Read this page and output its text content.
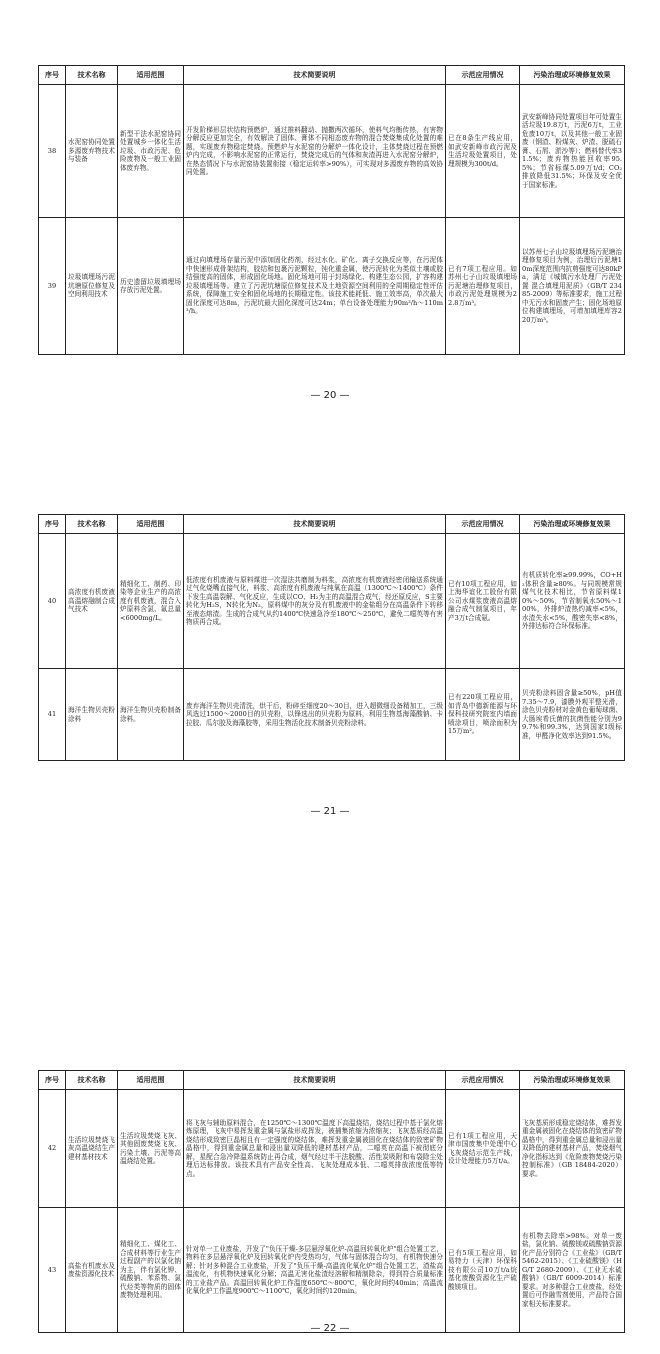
序号	技术名称	适用范围	技术简要说明	示范应用情况	污染治理或环境修复效果
38	水泥窑协同处置多源废弃物技术与装备	新型干法水泥窑协同处置城乡一体化生活垃圾、市政污泥、危险废物及一般工业固体废弃物。	开发阶梯形层状结构预燃炉，通过推料翻动、抛撒两次循环，使料气均衡传热，有害物分解反应更加完全，有效解决了固体、膏体不同相态废弃物的混合焚烧集成化处置的难题，实现废弃物稳定焚烧。预燃炉与水泥窑的分解炉一体化设计，主体焚烧过程在预燃炉内完成，不影响水泥窑的正常运行，焚烧完成后的气体和灰渣再进入水泥窑分解炉，在热态情况下与水泥窑协装置衔接（稳定运转率>90%），可实现对多源废弃物的高效协同处置。	已在8条生产线应用，如武安新峰市政污泥及生活垃圾处置项目，处理规模为300t/d。	武安新峰协同处置项目年可处置生活垃圾19.8万t，污泥6万t，工业危废10万t，以及其他一般工业固废（钢渣、粉煤灰、炉渣、脱硫石膏、石屑、淤沙等）；燃料替代率31.5%；废弃物热能回收率95.5%；节省标煤5.09万t/d；CO₂排放降低31.5%；环保及安全优于国家标准。
39	垃圾填埋场污泥坑塘原位修复及空间利用技术	历史遗留垃圾填埋场存放污泥处置。	通过向填埋场存量污泥中添加固化药剂，经过水化、矿化、离子交换反应等，在污泥体中快速形成骨架结构，胶结和包裹污泥颗粒，钝化重金属，使污泥转化为类似土壤或胶结强度高的固体，形成固化场地。固化场地可用于封场绿化、构建生态公园，扩容构建垃圾填埋场等。建立了污泥坑塘原位修复技术及土地资源空间利用的全周期稳定性评估系统，保障施工安全和固化场地的长期稳定性。该技术能耗低、施工效率高，单次最大固化深度可达8m，污泥坑最大固化深度可达24m；单台设备处理能力90m³/h～110m³/h。	已有7项工程应用。如苏州七子山垃圾填埋场污泥塘治理修复项目，市政污泥处理规模为22.8万m³。	以苏州七子山垃圾填埋场污泥塘治理修复项目为例，治理后污泥塘10m深度范围内抗剪强度可达80kPa，满足《城镇污水处理厂污泥处置 混合填埋用泥质》（GB/T 23485-2009）等标准要求，施工过程中无污水和固废产生；固化场地原位构建填埋场，可增加填埋库容220万m³。
— 20 —
序号	技术名称	适用范围	技术简要说明	示范应用情况	污染治理或环境修复效果
40	高浓度有机废液高温熔融制合成气技术	精细化工、制药、印染等企业生产的高浓度有机废液，混合入炉原料含氯、氟总量<6000mg/L。	低浓度有机废液与原料煤进一次湿法共磨制为料浆，高浓度有机废液经密闭输送系统通过气化烧嘴直接气化，料浆、高浓度有机废液与纯氧在高温（1300℃～1400℃）条件下发生高温裂解、气化反应，生成以CO、H₂为主的高温混合成气，经还原反应，S主要转化为H₂S，N转化为N₂，原料煤中的灰分及有机废液中的金盐组分在高温条件下转移至液态熔渣。生成的合成气从约1400℃快速急冷至180℃～250℃，避免二噁英等有害物质再合成。	已有10项工程应用，如上海华谊化工股份有限公司水煤浆废液高温熔融合成气制氢项目，年产3万t合成氨。	有机质转化率≥99.99%，CO+H₂体积含量≥80%。与同规模常规煤气化技术相比，节省原料煤10%～50%，节省制氧水50%～100%，外排炉渣热灼减率<5%，水渣失水<5%，酸密失率<8%，外排达标符合环保标准。
41	海洋生物贝壳粉涂料	海洋生物贝壳粉制备涂料。	废弃海洋生物贝壳清洗，烘干后，粉碎至细度20～30目，进入超微细设备精加工，三级风选过1500～2000目的贝壳粉，以锋选出的贝壳粉为原料，利用生物基海藻酸钠、卡拉胶、瓜尔胶及海藻胶等，采用生物活化技术制备贝壳粉涂料。	已有220项工程应用，如青岛中德新能源与环保科技研究院室内墙面喷涂项目，喷涂面积为15万m²。	贝壳粉涂料固含量≥50%，pH值7.35～7.9，漆膜外观平整光滑，涂色贝壳粉材对金黄色葡萄球菌、大肠埃希氏菌的抗菌性能分别为99.7%和99.3%，达到国家I级标准，甲醛净化效率达到91.5%。
— 21 —
序号	技术名称	适用范围	技术简要说明	示范应用情况	污染治理或环境修复效果
42	生活垃圾焚烧飞灰高温烧结生产建材基材技术	生活垃圾焚烧飞灰、其他固废焚烧飞灰、污染土壤、污泥等高温烧结处置。	将飞灰与辅助原料混合，在1250℃～1300℃温度下高温烧结，烧结过程中基于氯化熔炼原理，飞灰中易挥发重金属与氯盐形成挥发，被捕集浓缩为浓缩灰；飞灰基质经高温烧结形成致密巨晶相且有一定强度的烧结体，难挥发重金属被固化在烧结体的致密矿物晶格中，得到重金属总量和浸出量双降低的建材基材产品，二噁英在高温下被彻底分解，星配合急冷降温系统防止再合成，烟气经过半干法脱酸、活性炭吸附和布袋除尘处理后达标排放。该技术具有产品安全性高、飞灰处理成本低、二噁英排放浓度低等特点。	已有1项工程应用，天津市国废集中处理中心飞灰烧结示范生产线，设计处理能力5万t/a。	飞灰基质形成稳定烧结体，难挥发重金属被固化在烧结体的致密矿物晶格中，得到重金属总量和浸出量双降低的建材基材产品，焚烧烟气净化指标达到《危险废物焚烧污染控制标准》（GB 18484-2020）要求。
43	高盐有机废水及废盐资源化技术	精细化工、煤化工、合成材料等行业生产过程副产的以氯化钠为主，伴有氯化钾、硫酸钠、苯系物、氯代烃类等物质的固体废物处理利用。	针对单一工业废盐，开发了"负压干燥-多层悬浮氧化炉-高温回转氧化炉"组合处置工艺，物料在多层悬浮氧化炉及回转氧化炉内受热均匀，气体与固体混合均匀，有机物快速分解；针对多种混合工业废盐，开发了"负压干燥-高温流化氧化炉"组合处置工艺，渣盐高温流化，有机物快速氧化分解；高温无害化盐渣经溶解和精制除杂，得到符合质量标准的工业盐产品。高温回转氧化炉工作温度650℃～800℃，氧化时间约40min；高温流化氧化炉工作温度900℃～1100℃，氧化时间约120min。	已有5项工程应用，如易特力（天津）环保科技有限公司10万t/a烷基化废酸资源化生产硫酸镁项目。	有机物去除率>98%。对单一废盐，氯化钠、硫酸镁或硫酸钠资源化产品分别符合《工业盐》（GB/T 5462-2015）、《工业硫酸镁》（HG/T 2680-2009）、《工业无水硫酸钠》（GB/T 6009-2014）标准要求。对多种混合工业废盐，经处置后可作融雪剂使用，产品符合国家相关标准要求。
— 22 —
